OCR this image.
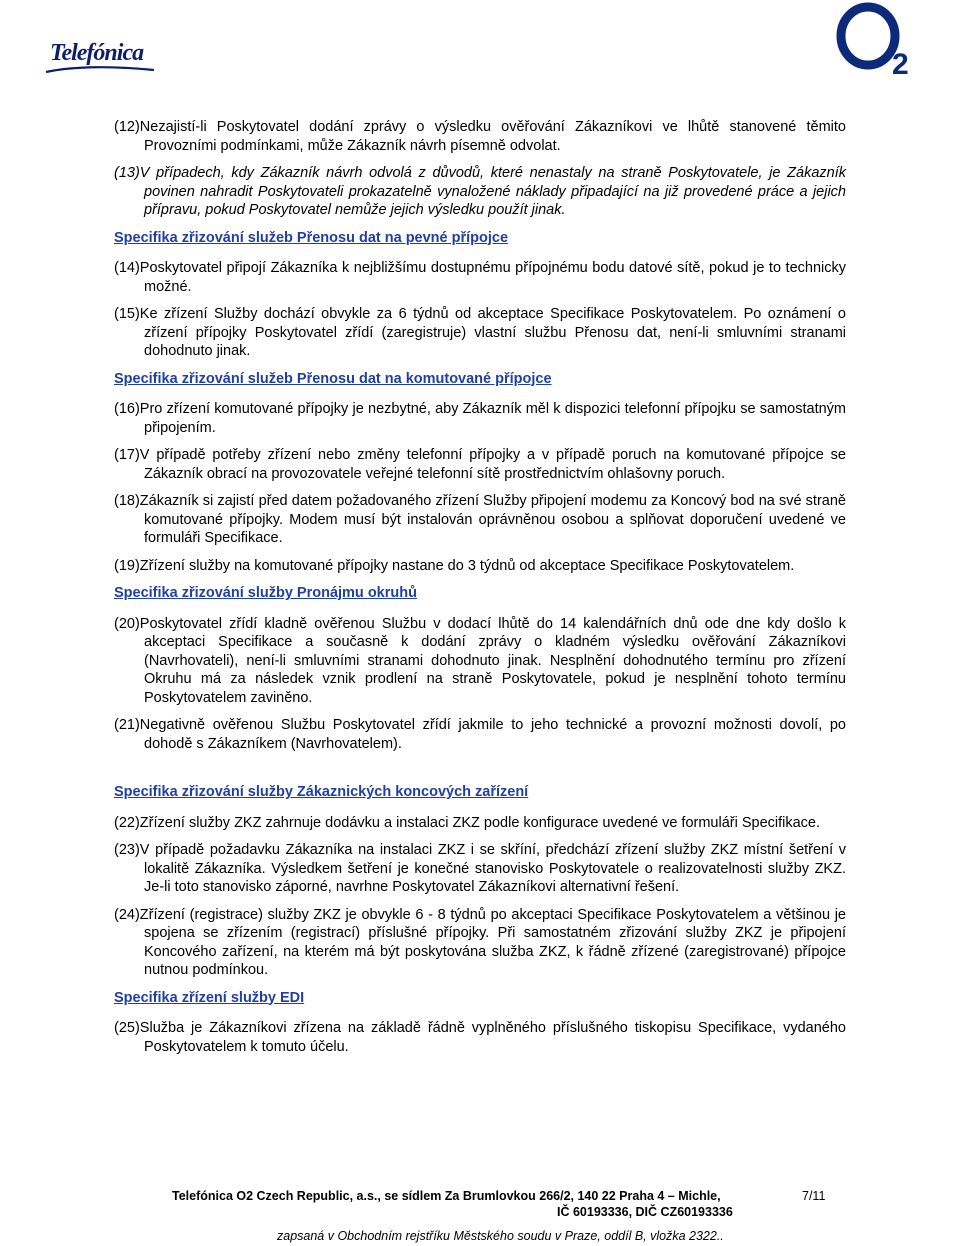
Telefónica	2

(12)Nezajistí-li Poskytovatel dodání zprávy o výsledku ověřování Zákazníkovi ve lhůtě stanovené těmito Provozními podmínkami, může Zákazník návrh písemně odvolat.

(13)V případech, kdy Zákazník návrh odvolá z důvodů, které nenastaly na straně Poskytovatele, je Zákazník povinen nahradit Poskytovateli prokazatelně vynaložené náklady připadající na již provedené práce a jejich přípravu, pokud Poskytovatel nemůže jejich výsledku použít jinak.

Specifika zřizování služeb Přenosu dat na pevné přípojce

(14)Poskytovatel připojí Zákazníka k nejbližšímu dostupnému přípojnému bodu datové sítě, pokud je to technicky možné.

(15)Ke zřízení Služby dochází obvykle za 6 týdnů od akceptace Specifikace Poskytovatelem. Po oznámení o zřízení přípojky Poskytovatel zřídí (zaregistruje) vlastní službu Přenosu dat, není-li smluvními stranami dohodnuto jinak.

Specifika zřizování služeb Přenosu dat na komutované přípojce

(16)Pro zřízení komutované přípojky je nezbytné, aby Zákazník měl k dispozici telefonní přípojku se samostatným připojením.

(17)V případě potřeby zřízení nebo změny telefonní přípojky a v případě poruch na komutované přípojce se Zákazník obrací na provozovatele veřejné telefonní sítě prostřednictvím ohlašovny poruch.

(18)Zákazník si zajistí před datem požadovaného zřízení Služby připojení modemu za Koncový bod na své straně komutované přípojky. Modem musí být instalován oprávněnou osobou a splňovat doporučení uvedené ve formuláři Specifikace.

(19)Zřízení služby na komutované přípojky nastane do 3 týdnů od akceptace Specifikace Poskytovatelem.

Specifika zřizování služby Pronájmu okruhů

(20)Poskytovatel zřídí kladně ověřenou Službu v dodací lhůtě do 14 kalendářních dnů ode dne kdy došlo k akceptaci Specifikace a současně k dodání zprávy o kladném výsledku ověřování Zákazníkovi (Navrhovateli), není-li smluvními stranami dohodnuto jinak. Nesplnění dohodnutého termínu pro zřízení Okruhu má za následek vznik prodlení na straně Poskytovatele, pokud je nesplnění tohoto termínu Poskytovatelem zaviněno.

(21)Negativně ověřenou Službu Poskytovatel zřídí jakmile to jeho technické a provozní možnosti dovolí, po dohodě s Zákazníkem (Navrhovatelem).

Specifika zřizování služby Zákaznických koncových zařízení

(22)Zřízení služby ZKZ zahrnuje dodávku a instalaci ZKZ podle konfigurace uvedené ve formuláři Specifikace.

(23)V případě požadavku Zákazníka na instalaci ZKZ i se skříní, předchází zřízení služby ZKZ místní šetření v lokalitě Zákazníka. Výsledkem šetření je konečné stanovisko Poskytovatele o realizovatelnosti služby ZKZ. Je-li toto stanovisko záporné, navrhne Poskytovatel Zákazníkovi alternativní řešení.

(24)Zřízení (registrace) služby ZKZ je obvykle 6 - 8 týdnů po akceptaci Specifikace Poskytovatelem a většinou je spojena se zřízením (registrací) příslušné přípojky. Při samostatném zřizování služby ZKZ je připojení Koncového zařízení, na kterém má být poskytována služba ZKZ, k řádně zřízené (zaregistrované) přípojce nutnou podmínkou.

Specifika zřízení služby EDI

(25)Služba je Zákazníkovi zřízena na základě řádně vyplněného příslušného tiskopisu Specifikace, vydaného Poskytovatelem k tomuto účelu.

Telefónica O2 Czech Republic, a.s., se sídlem Za Brumlovkou 266/2, 140 22 Praha 4 – Michle,
IČ 60193336, DIČ CZ60193336
7/11
zapsaná v Obchodním rejstříku Městského soudu v Praze, oddíl B, vložka 2322..
